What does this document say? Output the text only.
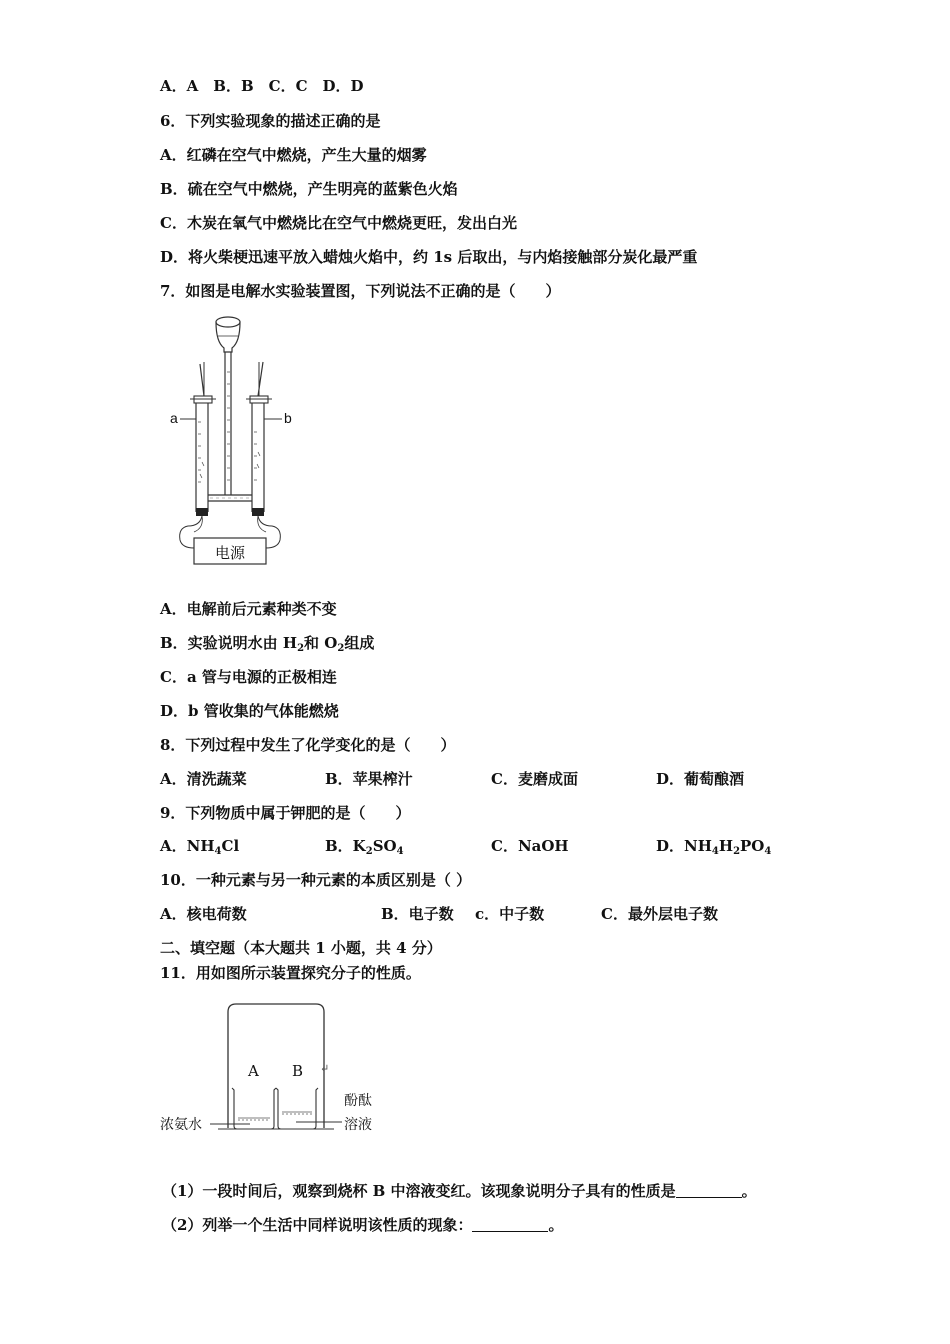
A．A　B．B　C．C　D．D
6．下列实验现象的描述正确的是
A．红磷在空气中燃烧，产生大量的烟雾
B．硫在空气中燃烧，产生明亮的蓝紫色火焰
C．木炭在氧气中燃烧比在空气中燃烧更旺，发出白光
D．将火柴梗迅速平放入蜡烛火焰中，约 1s 后取出，与内焰接触部分炭化最严重
7．如图是电解水实验装置图，下列说法不正确的是（　　）
a	b
电源
A．电解前后元素种类不变
B．实验说明水由 $H_2$和 $O_2$组成
C．a 管与电源的正极相连
D．b 管收集的气体能燃烧
8．下列过程中发生了化学变化的是（　　）
A．清洗蔬菜	B．苹果榨汁	C．麦磨成面	D．葡萄酿酒
9．下列物质中属于钾肥的是（　　）
A．$NH_4Cl$	B．$K_2SO_4$	C．NaOH	D．$NH_4H_2PO_4$
10．一种元素与另一种元素的本质区别是（ ）
A．核电荷数	B．电子数 c．中子数	C．最外层电子数
二、填空题（本大题共 1 小题，共 4 分）
11．用如图所示装置探究分子的性质。
A B ↵
浓氨水
酚酞
溶液
（1）一段时间后，观察到烧杯 B 中溶液变红。该现象说明分子具有的性质是	。
（2）列举一个生活中同样说明该性质的现象：	。
